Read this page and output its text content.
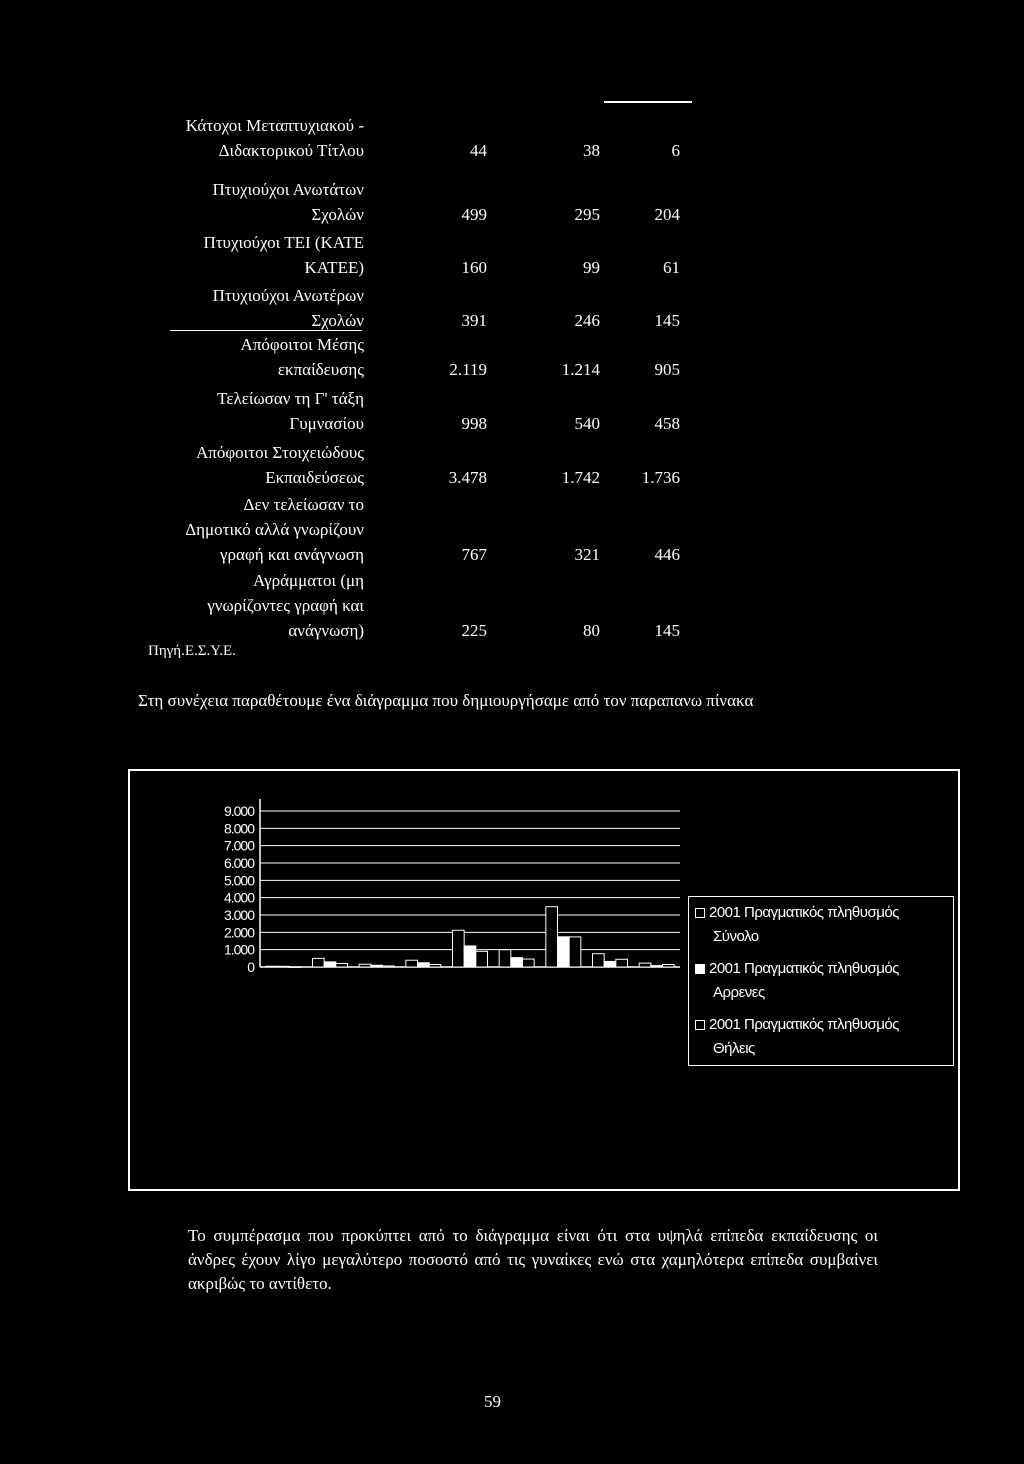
Κάτοχοι Μεταπτυχιακού -
Διδακτορικού Τίτλου	44	38	6
Πτυχιούχοι Ανωτάτων
Σχολών	499	295	204
Πτυχιούχοι ΤΕΙ (ΚΑΤΕ
ΚΑΤΕΕ)	160	99	61
Πτυχιούχοι Ανωτέρων
Σχολών	391	246	145
Απόφοιτοι Μέσης
εκπαίδευσης	2.119	1.214	905
Τελείωσαν τη Γ' τάξη
Γυμνασίου	998	540	458
Απόφοιτοι Στοιχειώδους
Εκπαιδεύσεως	3.478	1.742	1.736
Δεν τελείωσαν το
Δημοτικό αλλά γνωρίζουν
γραφή και ανάγνωση	767	321	446
Αγράμματοι (μη
γνωρίζοντες γραφή και
ανάγνωση)	225	80	145
Πηγή.Ε.Σ.Υ.Ε.
Στη συνέχεια παραθέτουμε ένα διάγραμμα που δημιουργήσαμε από τον παραπανω πίνακα
9.000
8.000
7.000
6.000
5.000
4.000
3.000
2.000
1.000
0
2001 Πραγματικός πληθυσμός
Σύνολο
2001 Πραγματικός πληθυσμός
Αρρενες
2001 Πραγματικός πληθυσμός
Θήλεις
Το συμπέρασμα που προκύπτει από το διάγραμμα είναι ότι στα υψηλά επίπεδα εκπαίδευσης οι άνδρες έχουν λίγο μεγαλύτερο ποσοστό από τις γυναίκες ενώ στα χαμηλότερα επίπεδα συμβαίνει ακριβώς το αντίθετο.
59
